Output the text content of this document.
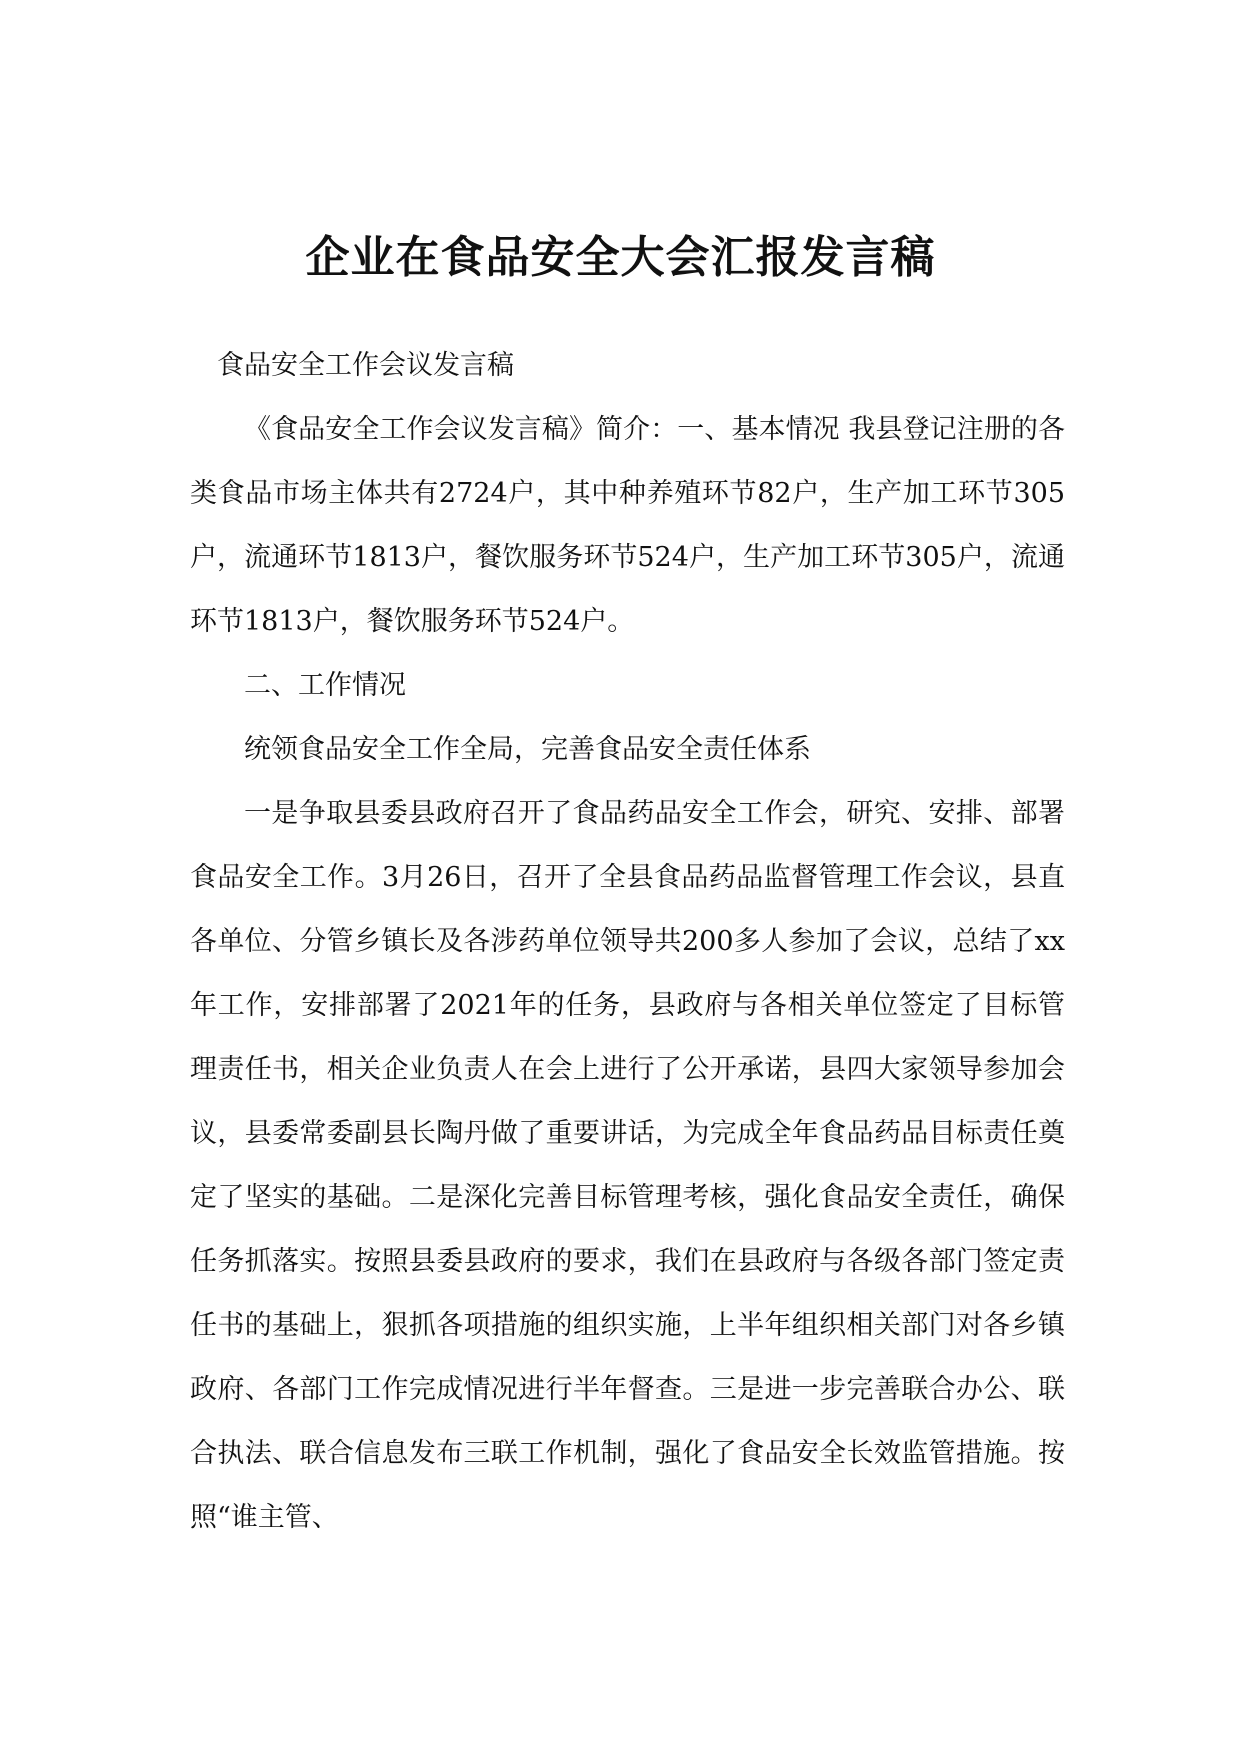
企业在食品安全大会汇报发言稿

食品安全工作会议发言稿

《食品安全工作会议发言稿》简介：一、基本情况 我县登记注册的各类食品市场主体共有2724户，其中种养殖环节82户，生产加工环节305户，流通环节1813户，餐饮服务环节524户，生产加工环节305户，流通环节1813户，餐饮服务环节524户。

二、工作情况

统领食品安全工作全局，完善食品安全责任体系

一是争取县委县政府召开了食品药品安全工作会，研究、安排、部署食品安全工作。3月26日，召开了全县食品药品监督管理工作会议，县直各单位、分管乡镇长及各涉药单位领导共200多人参加了会议，总结了xx年工作，安排部署了2021年的任务，县政府与各相关单位签定了目标管理责任书，相关企业负责人在会上进行了公开承诺，县四大家领导参加会议，县委常委副县长陶丹做了重要讲话，为完成全年食品药品目标责任奠定了坚实的基础。二是深化完善目标管理考核，强化食品安全责任，确保任务抓落实。按照县委县政府的要求，我们在县政府与各级各部门签定责任书的基础上，狠抓各项措施的组织实施，上半年组织相关部门对各乡镇政府、各部门工作完成情况进行半年督查。三是进一步完善联合办公、联合执法、联合信息发布三联工作机制，强化了食品安全长效监管措施。按照“谁主管、
